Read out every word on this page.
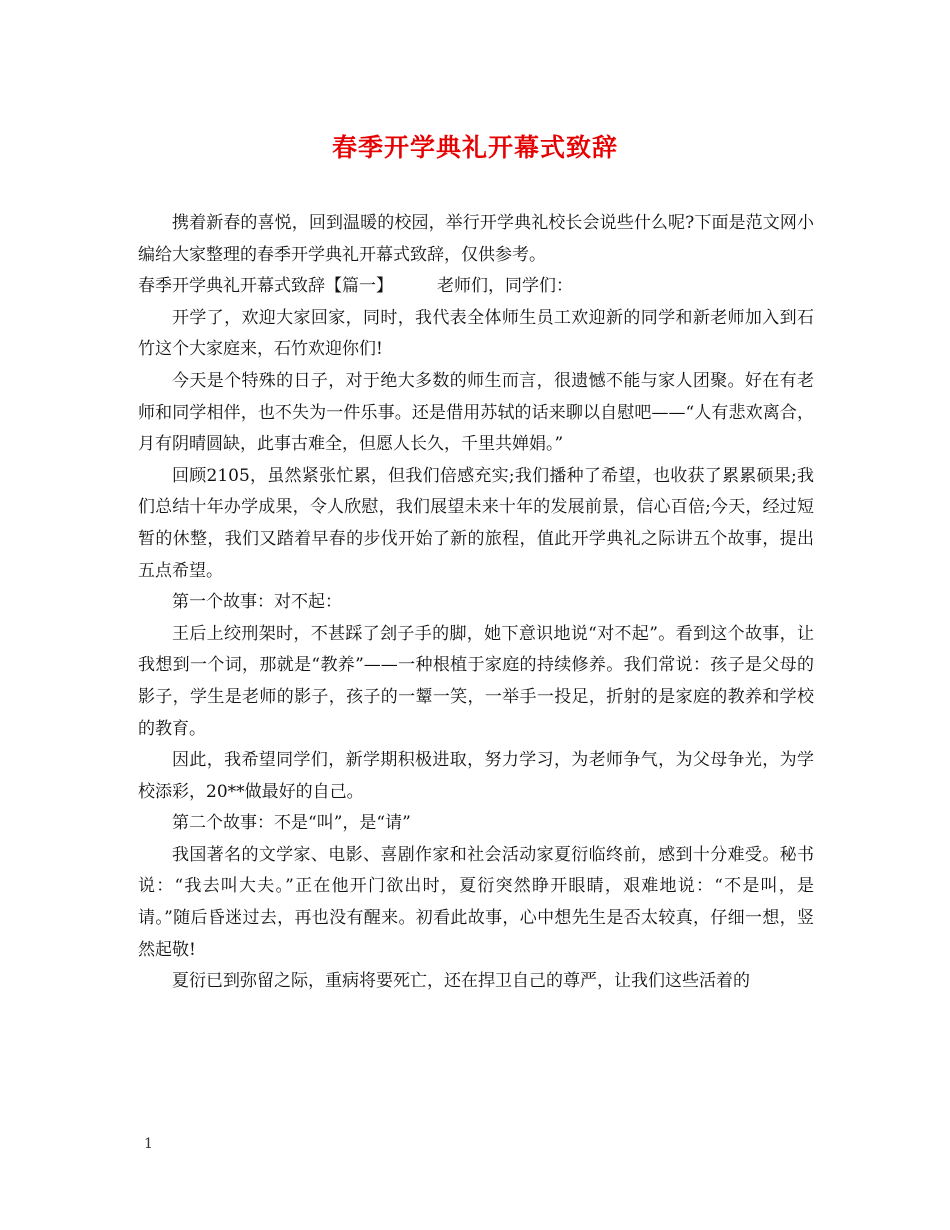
春季开学典礼开幕式致辞

携着新春的喜悦，回到温暖的校园，举行开学典礼校长会说些什么呢?下面是范文网小编给大家整理的春季开学典礼开幕式致辞，仅供参考。

春季开学典礼开幕式致辞【篇一】	老师们，同学们：

开学了，欢迎大家回家，同时，我代表全体师生员工欢迎新的同学和新老师加入到石竹这个大家庭来，石竹欢迎你们!

今天是个特殊的日子，对于绝大多数的师生而言，很遗憾不能与家人团聚。好在有老师和同学相伴，也不失为一件乐事。还是借用苏轼的话来聊以自慰吧——“人有悲欢离合，月有阴晴圆缺，此事古难全，但愿人长久，千里共婵娟。”

回顾2105，虽然紧张忙累，但我们倍感充实;我们播种了希望，也收获了累累硕果;我们总结十年办学成果，令人欣慰，我们展望未来十年的发展前景，信心百倍;今天，经过短暂的休整，我们又踏着早春的步伐开始了新的旅程，值此开学典礼之际讲五个故事，提出五点希望。

第一个故事：对不起：

王后上绞刑架时，不甚踩了刽子手的脚，她下意识地说“对不起”。看到这个故事，让我想到一个词，那就是“教养”——一种根植于家庭的持续修养。我们常说：孩子是父母的影子，学生是老师的影子，孩子的一颦一笑，一举手一投足，折射的是家庭的教养和学校的教育。

因此，我希望同学们，新学期积极进取，努力学习，为老师争气，为父母争光，为学校添彩，20**做最好的自己。

第二个故事：不是“叫”，是“请”

我国著名的文学家、电影、喜剧作家和社会活动家夏衍临终前，感到十分难受。秘书说：“我去叫大夫。”正在他开门欲出时，夏衍突然睁开眼睛，艰难地说：“不是叫，是请。”随后昏迷过去，再也没有醒来。初看此故事，心中想先生是否太较真，仔细一想，竖然起敬!

夏衍已到弥留之际，重病将要死亡，还在捍卫自己的尊严，让我们这些活着的

1
